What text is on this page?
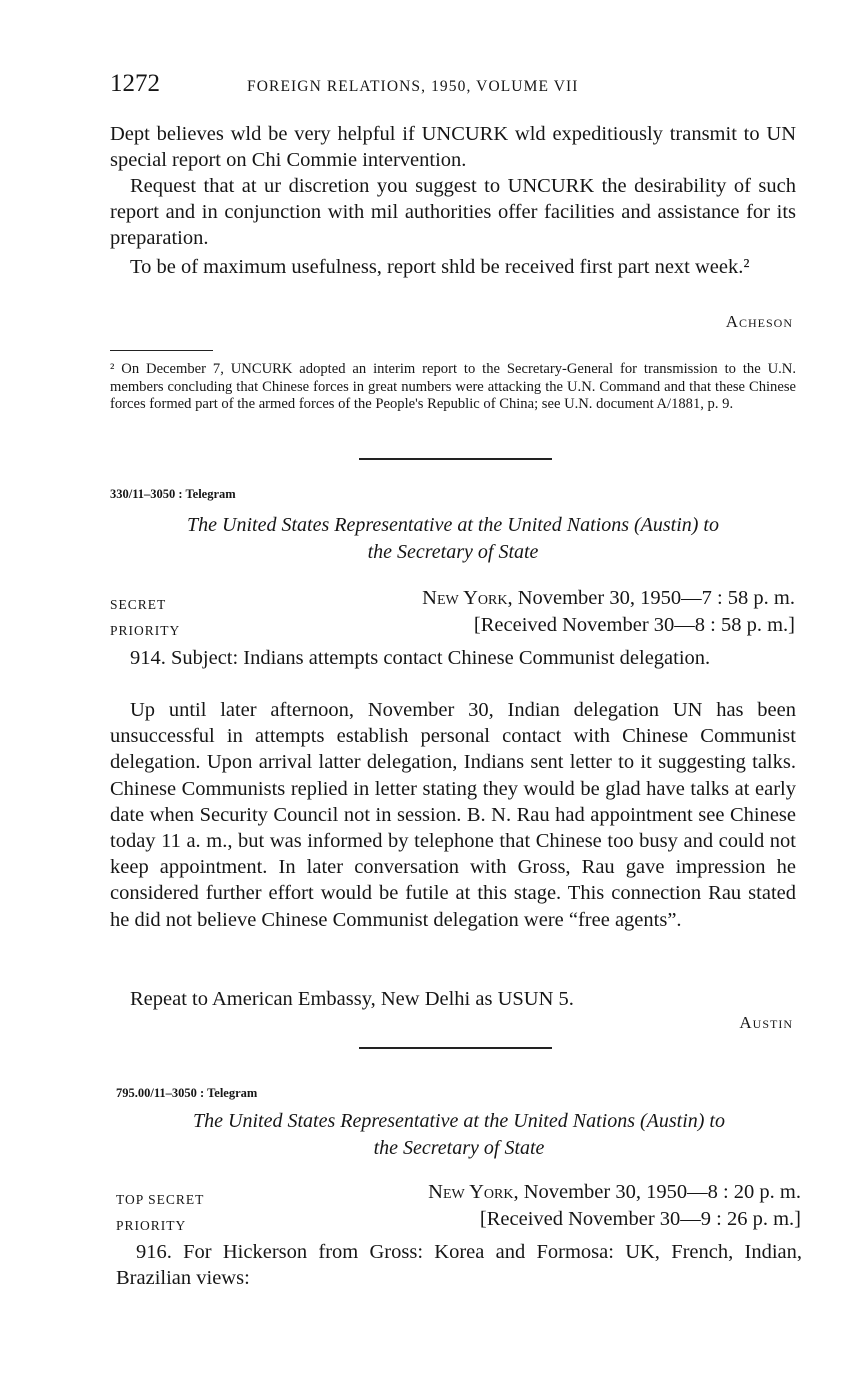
1272	FOREIGN RELATIONS, 1950, VOLUME VII
Dept believes wld be very helpful if UNCURK wld expeditiously transmit to UN special report on Chi Commie intervention.
Request that at ur discretion you suggest to UNCURK the desirability of such report and in conjunction with mil authorities offer facilities and assistance for its preparation.
To be of maximum usefulness, report shld be received first part next week.²
Acheson
² On December 7, UNCURK adopted an interim report to the Secretary-General for transmission to the U.N. members concluding that Chinese forces in great numbers were attacking the U.N. Command and that these Chinese forces formed part of the armed forces of the People's Republic of China; see U.N. document A/1881, p. 9.
330/11–3050 : Telegram
The United States Representative at the United Nations (Austin) to
the Secretary of State
SECRET	New York, November 30, 1950—7 : 58 p. m.
PRIORITY	[Received November 30—8 : 58 p. m.]
914. Subject: Indians attempts contact Chinese Communist delegation.
Up until later afternoon, November 30, Indian delegation UN has been unsuccessful in attempts establish personal contact with Chinese Communist delegation. Upon arrival latter delegation, Indians sent letter to it suggesting talks. Chinese Communists replied in letter stating they would be glad have talks at early date when Security Council not in session. B. N. Rau had appointment see Chinese today 11 a. m., but was informed by telephone that Chinese too busy and could not keep appointment. In later conversation with Gross, Rau gave impression he considered further effort would be futile at this stage. This connection Rau stated he did not believe Chinese Communist delegation were “free agents”.
Repeat to American Embassy, New Delhi as USUN 5.
Austin
795.00/11–3050 : Telegram
The United States Representative at the United Nations (Austin) to
the Secretary of State
TOP SECRET	New York, November 30, 1950—8 : 20 p. m.
PRIORITY	[Received November 30—9 : 26 p. m.]
916. For Hickerson from Gross: Korea and Formosa: UK, French, Indian, Brazilian views:
